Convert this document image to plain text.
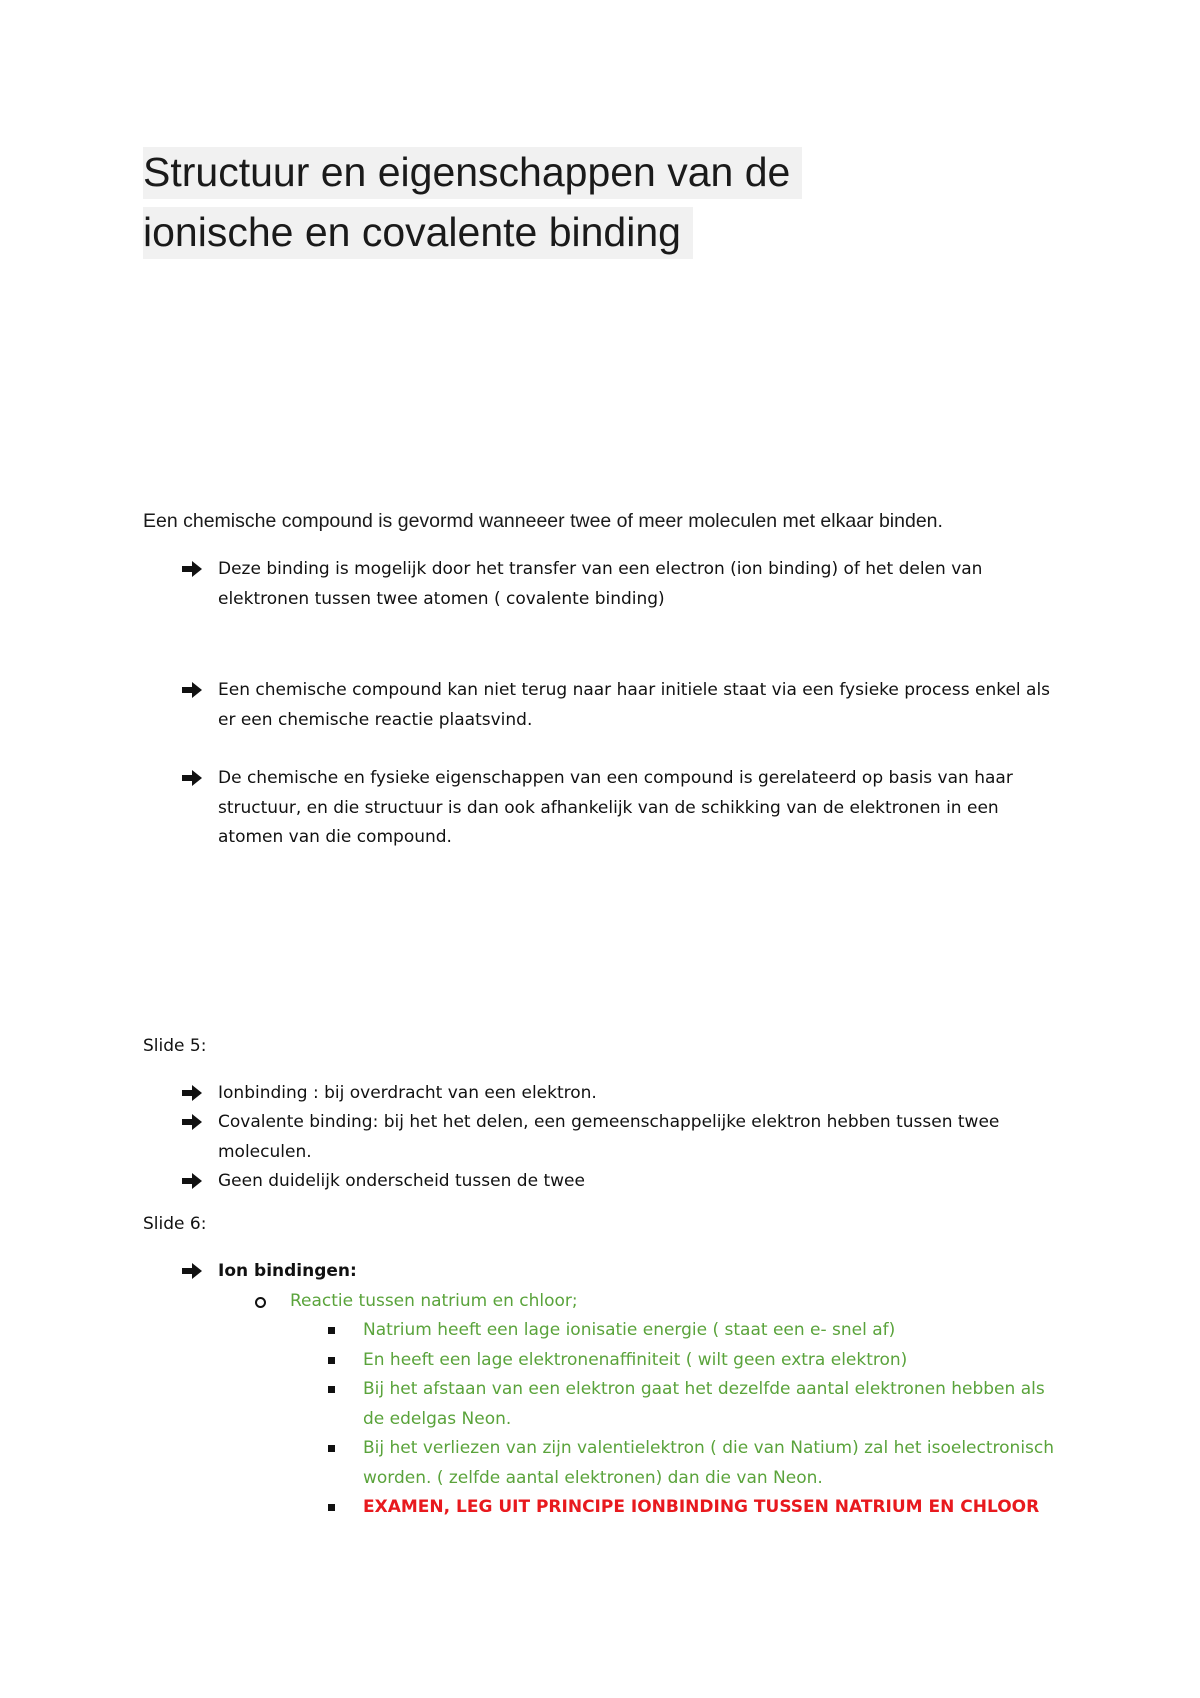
Structuur en eigenschappen van de
ionische en covalente binding
Een chemische compound is gevormd wanneeer twee of meer moleculen met elkaar binden.
Deze binding is mogelijk door het transfer van een electron (ion binding) of het delen van elektronen tussen twee atomen ( covalente binding)
Een chemische compound kan niet terug naar haar initiele staat via een fysieke process enkel als er een chemische reactie plaatsvind.
De chemische en fysieke eigenschappen van een compound is gerelateerd op basis van haar structuur, en die structuur is dan ook afhankelijk van de schikking van de elektronen in een atomen van die compound.
Slide 5:
Ionbinding : bij overdracht van een elektron.
Covalente binding: bij het het delen, een gemeenschappelijke elektron hebben tussen twee moleculen.
Geen duidelijk onderscheid tussen de twee
Slide 6:
Ion bindingen:
Reactie tussen natrium en chloor;
Natrium heeft een lage ionisatie energie ( staat een e- snel af)
En heeft een lage elektronenaffiniteit ( wilt geen extra elektron)
Bij het afstaan van een elektron gaat het dezelfde aantal elektronen hebben als de edelgas Neon.
Bij het verliezen van zijn valentielektron ( die van Natium) zal het isoelectronisch worden. ( zelfde aantal elektronen) dan die van Neon.
EXAMEN, LEG UIT PRINCIPE IONBINDING TUSSEN NATRIUM EN CHLOOR
